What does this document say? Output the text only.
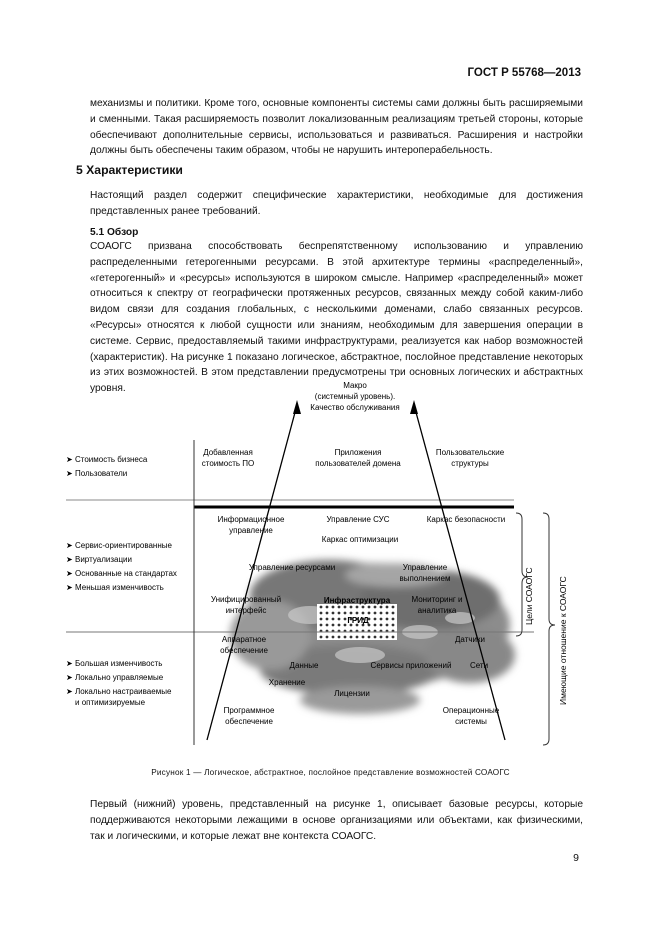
ГОСТ Р 55768—2013
механизмы и политики. Кроме того, основные компоненты системы сами должны быть расширяемыми и сменными. Такая расширяемость позволит локализованным реализациям третьей стороны, которые обеспечивают дополнительные сервисы, использоваться и развиваться. Расширения и настройки должны быть обеспечены таким образом, чтобы не нарушить интероперабельность.
5 Характеристики
Настоящий раздел содержит специфические характеристики, необходимые для достижения представленных ранее требований.
5.1 Обзор
СОАОГС призвана способствовать беспрепятственному использованию и управлению распределенными гетерогенными ресурсами. В этой архитектуре термины «распределенный», «гетерогенный» и «ресурсы» используются в широком смысле. Например «распределенный» может относиться к спектру от географически протяженных ресурсов, связанных между собой каким-либо видом связи для создания глобальных, с несколькими доменами, слабо связанных ресурсов. «Ресурсы» относятся к любой сущности или знаниям, необходимым для завершения операции в системе. Сервис, предоставляемый такими инфраструктурами, реализуется как набор возможностей (характеристик). На рисунке 1 показано логическое, абстрактное, послойное представление некоторых из этих возможностей. В этом представлении предусмотрены три основных логических и абстрактных уровня.
Цели СОАОГС	Имеющие отношение к СОАОГС
Макро
(системный уровень).
Качество обслуживания
➤ Стоимость бизнеса
➤ Пользователи
➤ Сервис-ориентированные
➤ Виртуализации
➤ Основанные на стандартах
➤ Меньшая изменчивость
➤ Большая изменчивость
➤ Локально управляемые
➤ Локально настраиваемые
и оптимизируемые
Добавленная
стоимость ПО
Приложения
пользователей домена
Пользовательские
структуры
Информационное
управление
Управление СУС	Каркас безопасности
Каркас оптимизации
Управление ресурсами	Управление
выполнением
Унифицированный
интерфейс
Мониторинг и
аналитика
Инфраструктура
ГРИД
Аппаратное
обеспечение
Датчики
Данные	Сервисы приложений Сети
Хранение
Лицензии
Программное
обеспечение
Операционные
системы
Рисунок 1 — Логическое, абстрактное, послойное представление возможностей СОАОГС
Первый (нижний) уровень, представленный на рисунке 1, описывает базовые ресурсы, которые поддерживаются некоторыми лежащими в основе организациями или объектами, как физическими, так и логическими, и которые лежат вне контекста СОАОГС.
9
